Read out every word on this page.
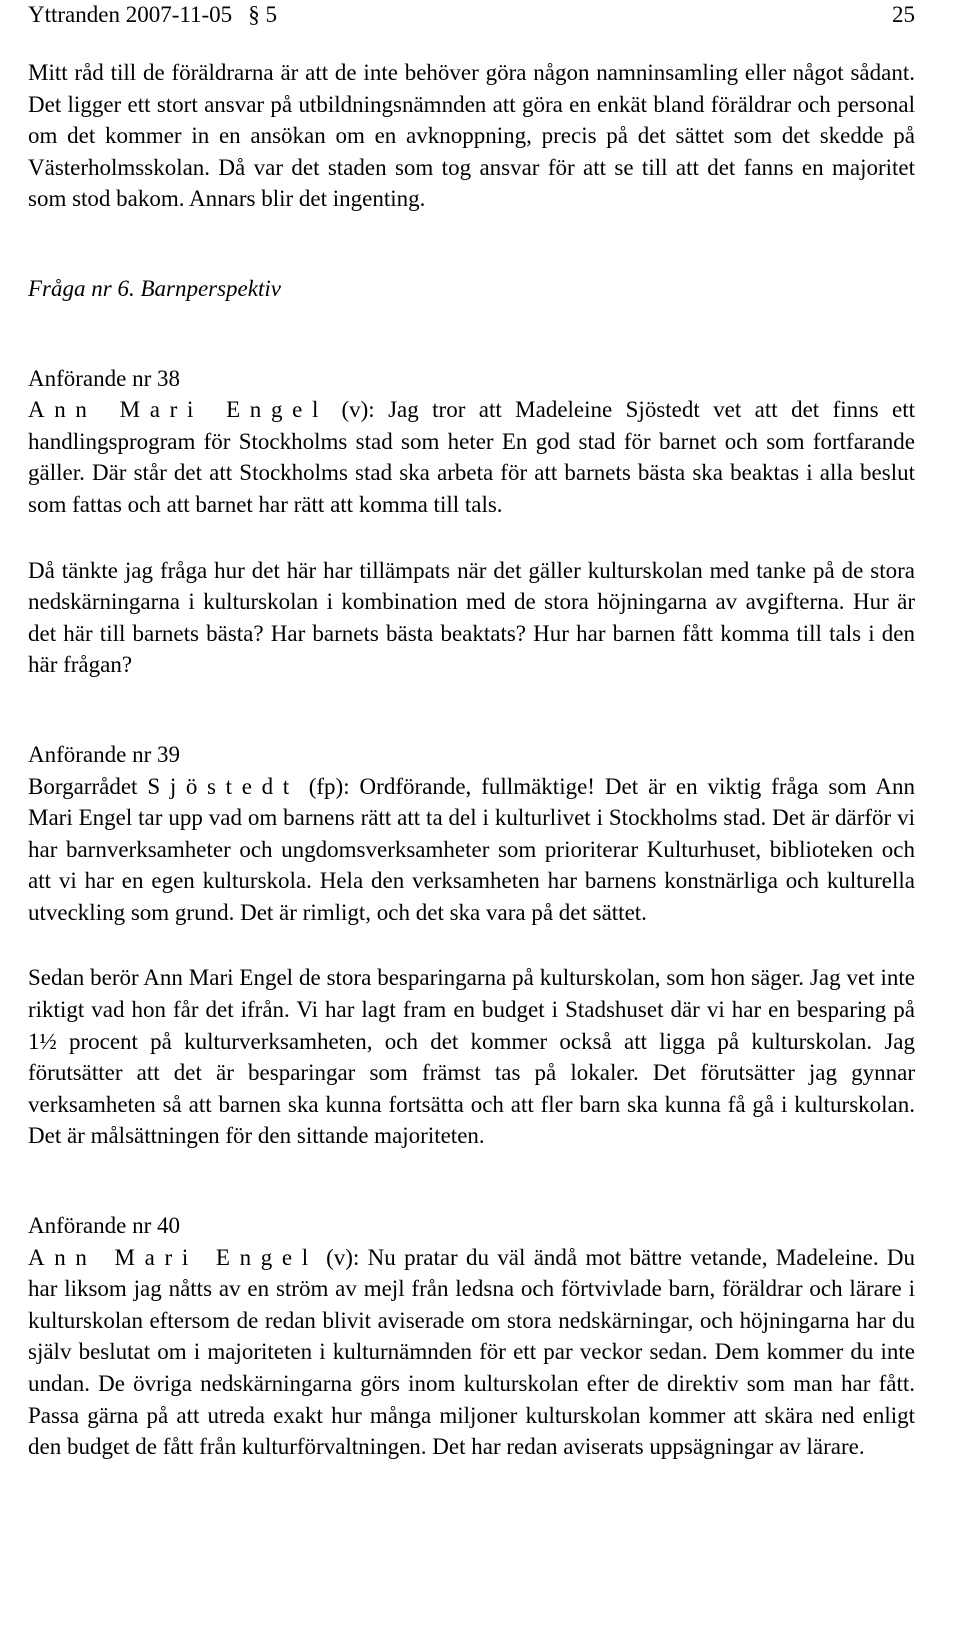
Yttranden 2007-11-05 § 5	25

Mitt råd till de föräldrarna är att de inte behöver göra någon namninsamling eller något sådant. Det ligger ett stort ansvar på utbildningsnämnden att göra en enkät bland föräldrar och personal om det kommer in en ansökan om en avknoppning, precis på det sättet som det skedde på Västerholmsskolan. Då var det staden som tog ansvar för att se till att det fanns en majoritet som stod bakom. Annars blir det ingenting.

Fråga nr 6. Barnperspektiv

Anförande nr 38

Ann Mari Engel (v): Jag tror att Madeleine Sjöstedt vet att det finns ett handlingsprogram för Stockholms stad som heter En god stad för barnet och som fortfarande gäller. Där står det att Stockholms stad ska arbeta för att barnets bästa ska beaktas i alla beslut som fattas och att barnet har rätt att komma till tals.

Då tänkte jag fråga hur det här har tillämpats när det gäller kulturskolan med tanke på de stora nedskärningarna i kulturskolan i kombination med de stora höjningarna av avgifterna. Hur är det här till barnets bästa? Har barnets bästa beaktats? Hur har barnen fått komma till tals i den här frågan?

Anförande nr 39

Borgarrådet Sjöstedt (fp): Ordförande, fullmäktige! Det är en viktig fråga som Ann Mari Engel tar upp vad om barnens rätt att ta del i kulturlivet i Stockholms stad. Det är därför vi har barnverksamheter och ungdomsverksamheter som prioriterar Kulturhuset, biblioteken och att vi har en egen kulturskola. Hela den verksamheten har barnens konstnärliga och kulturella utveckling som grund. Det är rimligt, och det ska vara på det sättet.

Sedan berör Ann Mari Engel de stora besparingarna på kulturskolan, som hon säger. Jag vet inte riktigt vad hon får det ifrån. Vi har lagt fram en budget i Stadshuset där vi har en besparing på 1½ procent på kulturverksamheten, och det kommer också att ligga på kulturskolan. Jag förutsätter att det är besparingar som främst tas på lokaler. Det förutsätter jag gynnar verksamheten så att barnen ska kunna fortsätta och att fler barn ska kunna få gå i kulturskolan. Det är målsättningen för den sittande majoriteten.

Anförande nr 40

Ann Mari Engel (v): Nu pratar du väl ändå mot bättre vetande, Madeleine. Du har liksom jag nåtts av en ström av mejl från ledsna och förtvivlade barn, föräldrar och lärare i kulturskolan eftersom de redan blivit aviserade om stora nedskärningar, och höjningarna har du själv beslutat om i majoriteten i kulturnämnden för ett par veckor sedan. Dem kommer du inte undan. De övriga nedskärningarna görs inom kulturskolan efter de direktiv som man har fått. Passa gärna på att utreda exakt hur många miljoner kulturskolan kommer att skära ned enligt den budget de fått från kulturförvaltningen. Det har redan aviserats uppsägningar av lärare.
